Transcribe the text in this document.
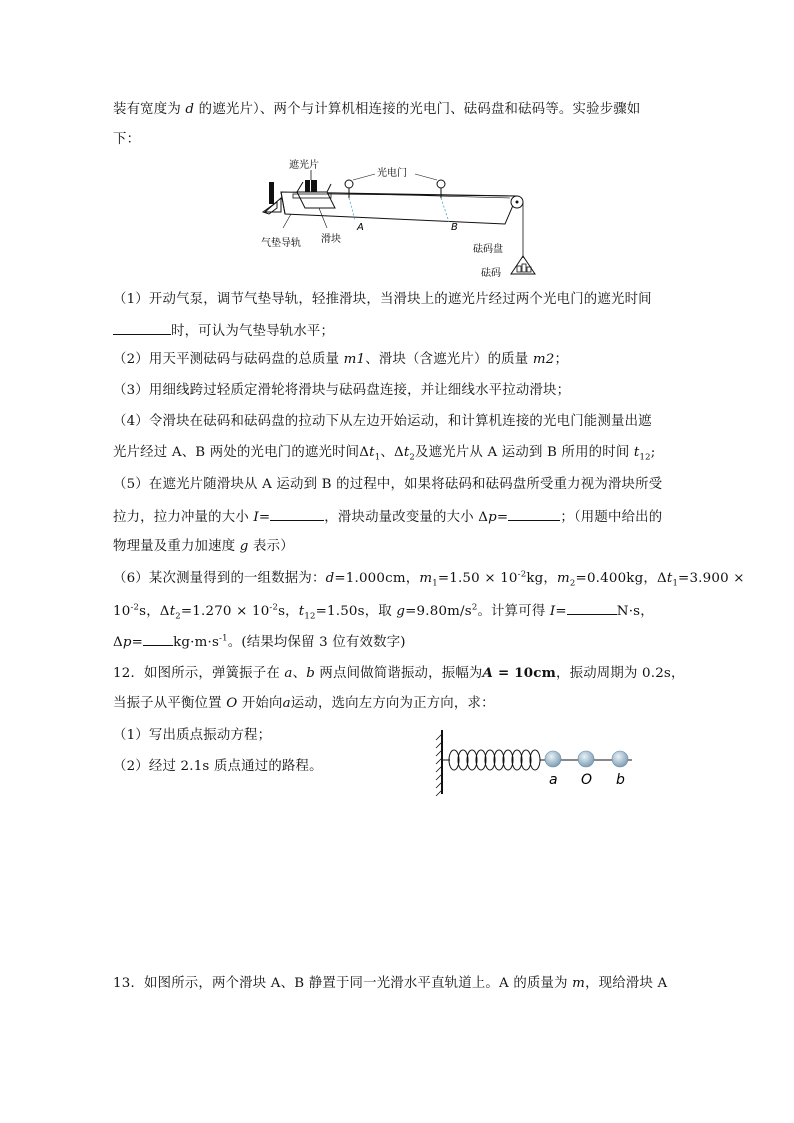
装有宽度为 d 的遮光片）、两个与计算机相连接的光电门、砝码盘和砝码等。实验步骤如
下：
遮光片
光电门
气垫导轨 滑块
A	B
砝码盘
砝码
（1）开动气泵，调节气垫导轨，轻推滑块，当滑块上的遮光片经过两个光电门的遮光时间
时，可认为气垫导轨水平；
（2）用天平测砝码与砝码盘的总质量 m1、滑块（含遮光片）的质量 m2；
（3）用细线跨过轻质定滑轮将滑块与砝码盘连接，并让细线水平拉动滑块；
（4）令滑块在砝码和砝码盘的拉动下从左边开始运动，和计算机连接的光电门能测量出遮
光片经过 A、B 两处的光电门的遮光时间$\Delta t_1$、$\Delta t_2$及遮光片从 A 运动到 B 所用的时间 $t_{12}$;
（5）在遮光片随滑块从 A 运动到 B 的过程中，如果将砝码和砝码盘所受重力视为滑块所受
拉力，拉力冲量的大小 I=	，滑块动量改变量的大小 Δp=	；（用题中给出的
物理量及重力加速度 g 表示）
（6）某次测量得到的一组数据为：d=1.000cm，$m_1=1.50 \times 10^{-2}kg$，$m_2=0.400kg$，$\Delta t_1=3.900$ ×
$10^{-2}s$，$\Delta t_2=1.270 \times 10^{-2}s$，$t_{12}=1.50s$，取 $g=9.80m/s^2$。计算可得 I=	N·s，
$\Delta p= kg\cdot m\cdot s^{-1}$。(结果均保留 3 位有效数字)
12．如图所示，弹簧振子在 a、b 两点间做简谐振动，振幅为A = 10cm，振动周期为 0.2s，
当振子从平衡位置 O 开始向a运动，选向左方向为正方向，求：
（1）写出质点振动方程；
（2）经过 2.1s 质点通过的路程。
a O b
13．如图所示，两个滑块 A、B 静置于同一光滑水平直轨道上。A 的质量为 m，现给滑块 A
